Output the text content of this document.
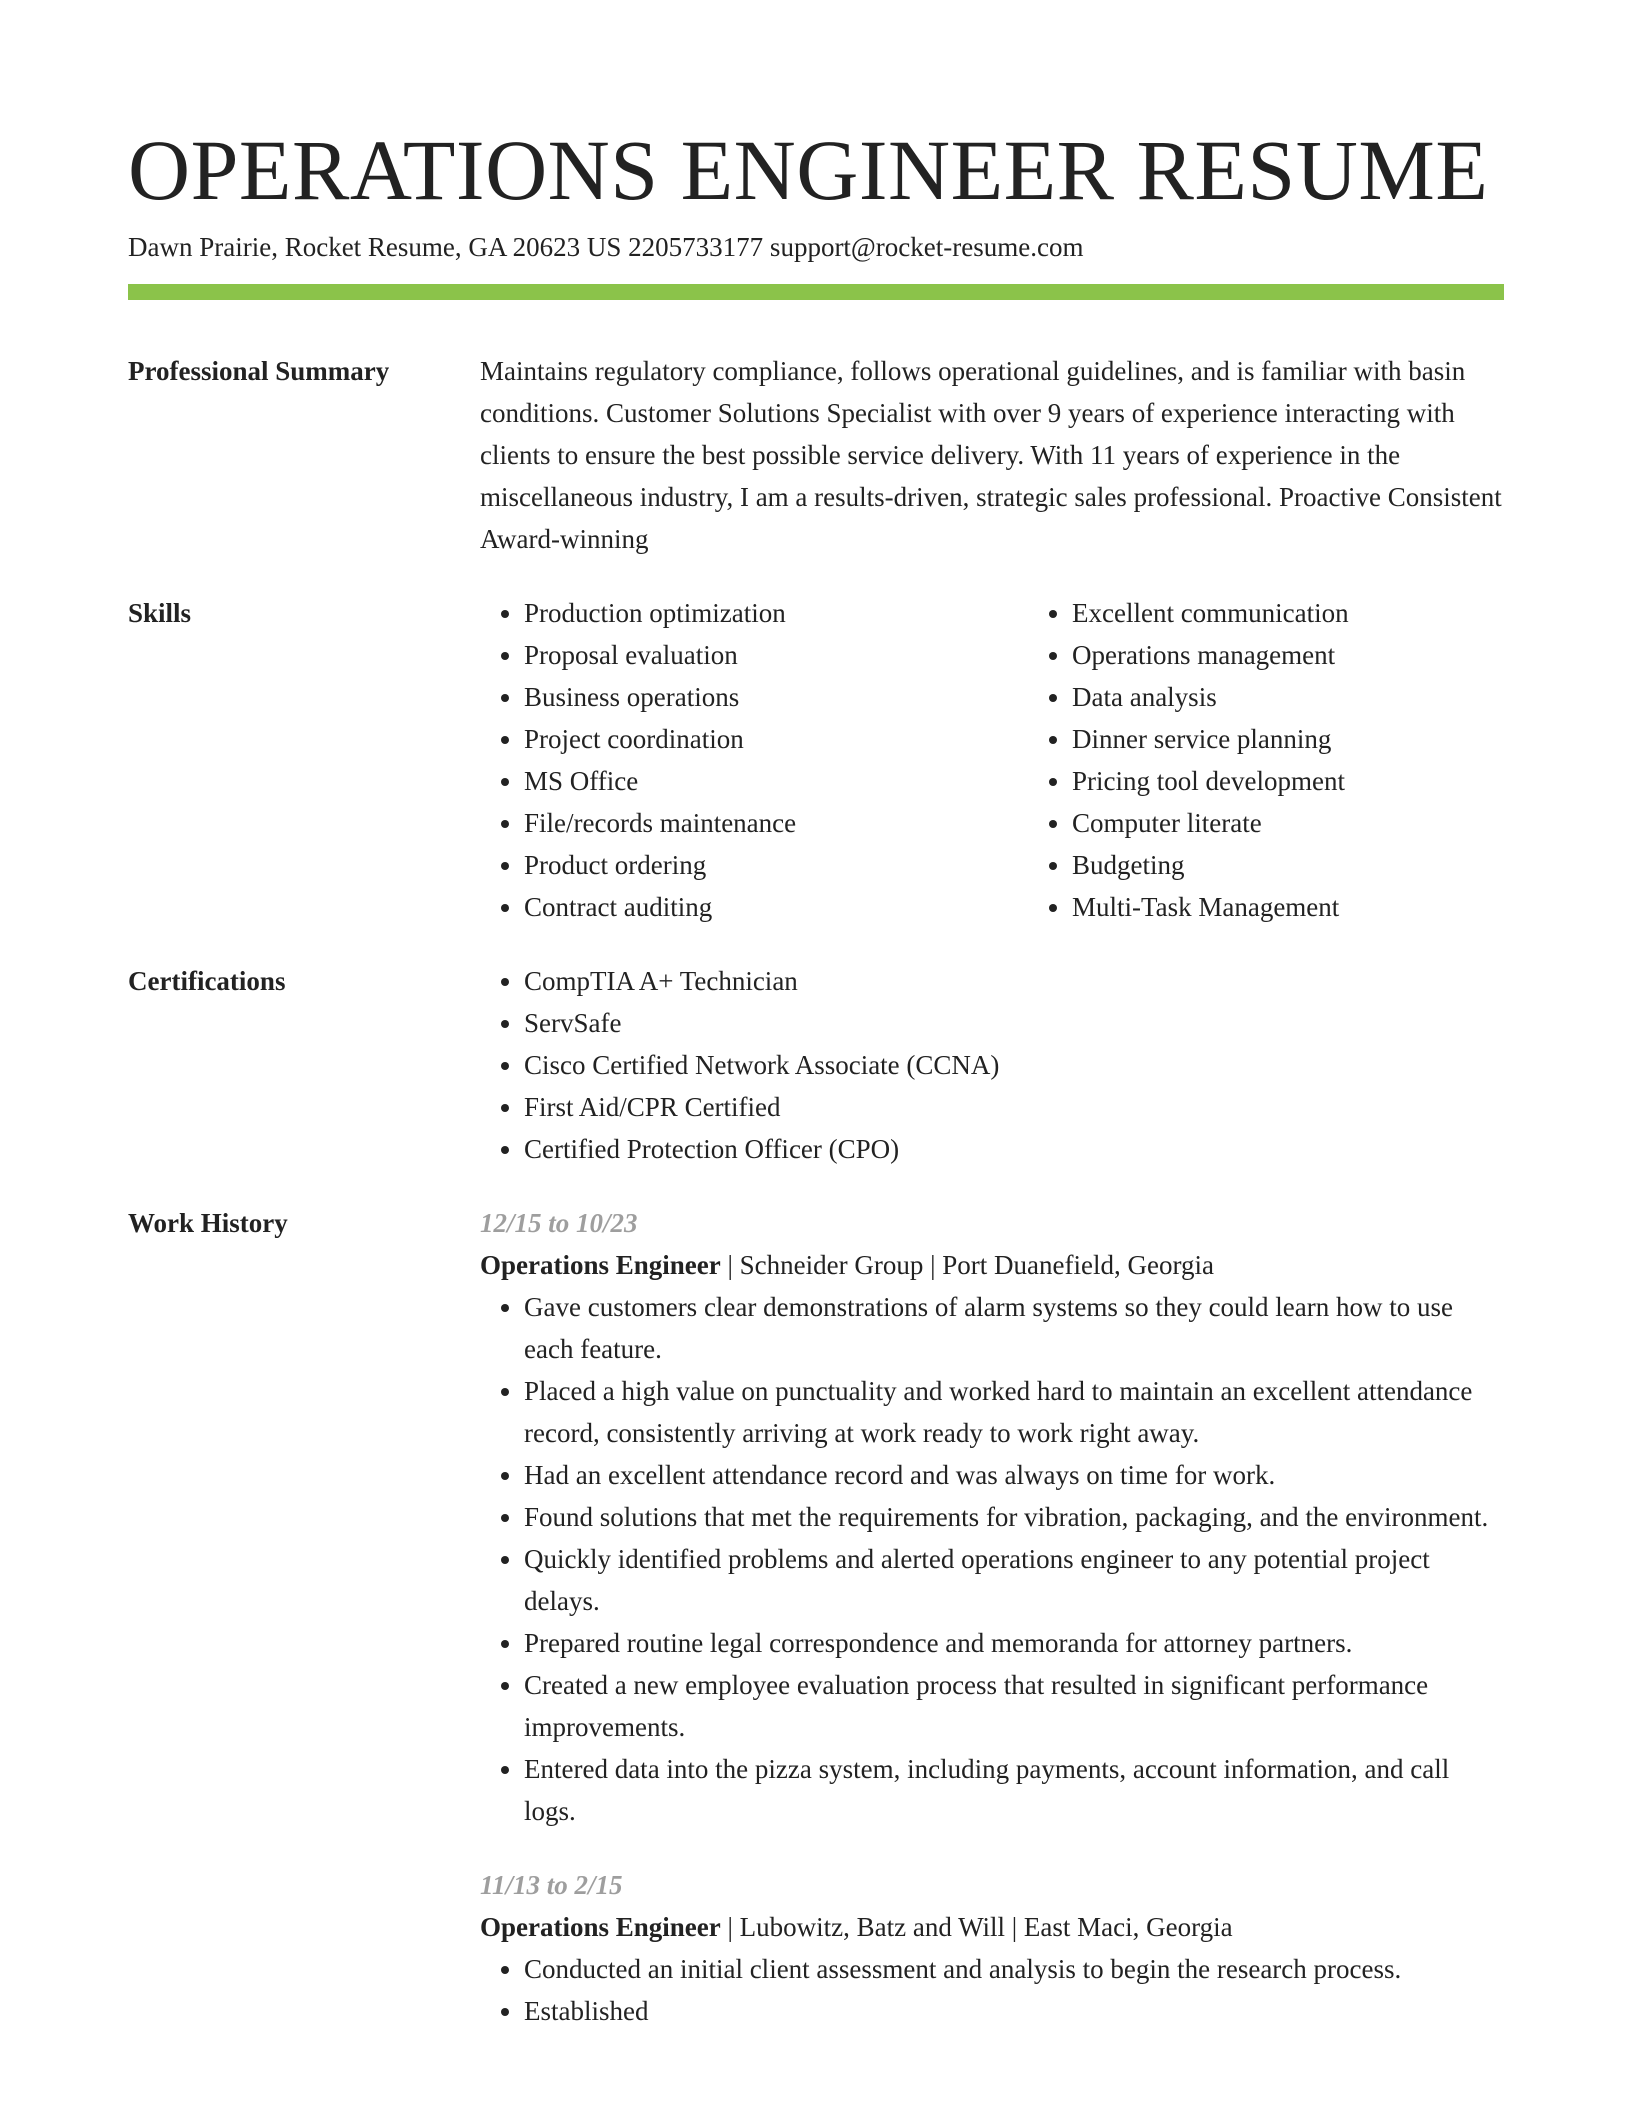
OPERATIONS ENGINEER RESUME
Dawn Prairie, Rocket Resume, GA 20623 US 2205733177 support@rocket-resume.com
Professional Summary	Maintains regulatory compliance, follows operational guidelines, and is familiar with basin conditions. Customer Solutions Specialist with over 9 years of experience interacting with clients to ensure the best possible service delivery. With 11 years of experience in the miscellaneous industry, I am a results-driven, strategic sales professional. Proactive Consistent Award-winning
Skills	• Production optimization
• Proposal evaluation
• Business operations
• Project coordination
• MS Office
• File/records maintenance
• Product ordering
• Contract auditing
• Excellent communication
• Operations management
• Data analysis
• Dinner service planning
• Pricing tool development
• Computer literate
• Budgeting
• Multi-Task Management
Certifications	• CompTIA A+ Technician
• ServSafe
• Cisco Certified Network Associate (CCNA)
• First Aid/CPR Certified
• Certified Protection Officer (CPO)
Work History	12/15 to 10/23
Operations Engineer | Schneider Group | Port Duanefield, Georgia
• Gave customers clear demonstrations of alarm systems so they could learn how to use each feature.
• Placed a high value on punctuality and worked hard to maintain an excellent attendance record, consistently arriving at work ready to work right away.
• Had an excellent attendance record and was always on time for work.
• Found solutions that met the requirements for vibration, packaging, and the environment.
• Quickly identified problems and alerted operations engineer to any potential project delays.
• Prepared routine legal correspondence and memoranda for attorney partners.
• Created a new employee evaluation process that resulted in significant performance improvements.
• Entered data into the pizza system, including payments, account information, and call logs.
11/13 to 2/15
Operations Engineer | Lubowitz, Batz and Will | East Maci, Georgia
• Conducted an initial client assessment and analysis to begin the research process.
• Established
